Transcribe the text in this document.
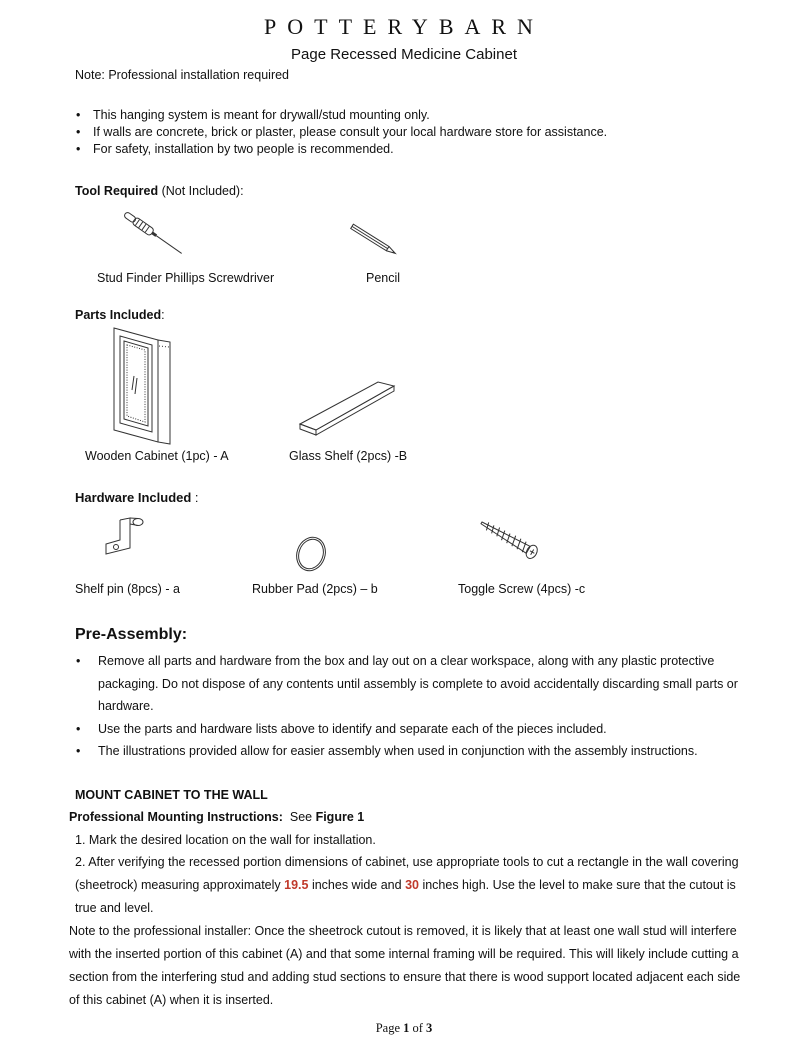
POTTERYBARN
Page Recessed Medicine Cabinet
Note: Professional installation required
• This hanging system is meant for drywall/stud mounting only.
• If walls are concrete, brick or plaster, please consult your local hardware store for assistance.
• For safety, installation by two people is recommended.
Tool Required (Not Included):
Stud Finder Phillips Screwdriver	Pencil
Parts Included:
Wooden Cabinet (1pc) - A	Glass Shelf (2pcs) -B
Hardware Included :
Shelf pin (8pcs) - a	Rubber Pad (2pcs) – b	Toggle Screw (4pcs) -c
Pre-Assembly:
• Remove all parts and hardware from the box and lay out on a clear workspace, along with any plastic protective packaging. Do not dispose of any contents until assembly is complete to avoid accidentally discarding small parts or hardware.
• Use the parts and hardware lists above to identify and separate each of the pieces included.
• The illustrations provided allow for easier assembly when used in conjunction with the assembly instructions.
MOUNT CABINET TO THE WALL
Professional Mounting Instructions:  See Figure 1
1. Mark the desired location on the wall for installation.
2. After verifying the recessed portion dimensions of cabinet, use appropriate tools to cut a rectangle in the wall covering (sheetrock) measuring approximately 19.5 inches wide and 30 inches high. Use the level to make sure that the cutout is true and level.
Note to the professional installer: Once the sheetrock cutout is removed, it is likely that at least one wall stud will interfere with the inserted portion of this cabinet (A) and that some internal framing will be required. This will likely include cutting a section from the interfering stud and adding stud sections to ensure that there is wood support located adjacent each side of this cabinet (A) when it is inserted.
Page 1 of 3
